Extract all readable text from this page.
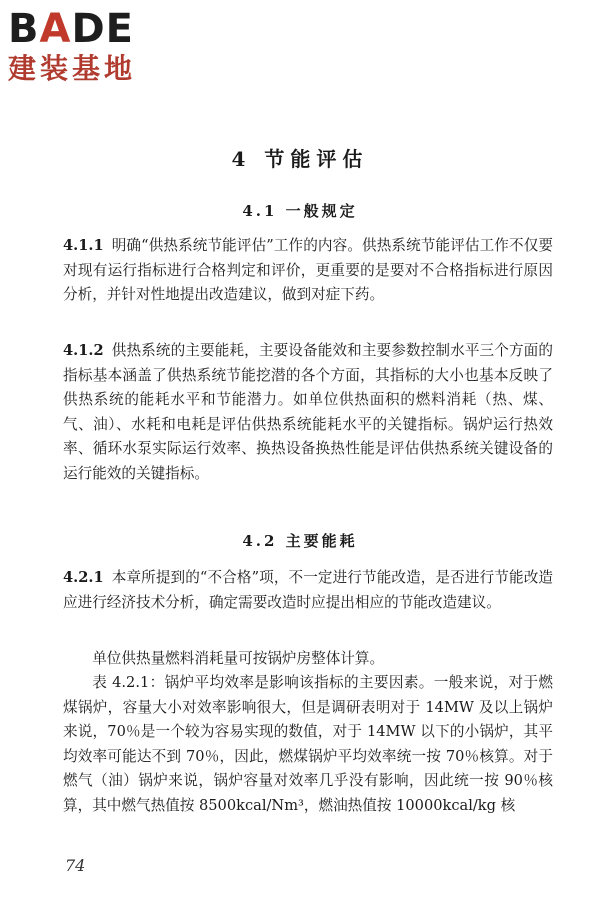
BADE
建装基地
4 节能评估
4.1 一般规定
4.1.1 明确“供热系统节能评估”工作的内容。供热系统节能评估工作不仅要对现有运行指标进行合格判定和评价，更重要的是要对不合格指标进行原因分析，并针对性地提出改造建议，做到对症下药。
4.1.2 供热系统的主要能耗，主要设备能效和主要参数控制水平三个方面的指标基本涵盖了供热系统节能挖潜的各个方面，其指标的大小也基本反映了供热系统的能耗水平和节能潜力。如单位供热面积的燃料消耗（热、煤、气、油）、水耗和电耗是评估供热系统能耗水平的关键指标。锅炉运行热效率、循环水泵实际运行效率、换热设备换热性能是评估供热系统关键设备的运行能效的关键指标。
4.2 主要能耗
4.2.1 本章所提到的“不合格”项，不一定进行节能改造，是否进行节能改造应进行经济技术分析，确定需要改造时应提出相应的节能改造建议。
单位供热量燃料消耗量可按锅炉房整体计算。
表 4.2.1：锅炉平均效率是影响该指标的主要因素。一般来说，对于燃煤锅炉，容量大小对效率影响很大，但是调研表明对于 14MW 及以上锅炉来说，70％是一个较为容易实现的数值，对于 14MW 以下的小锅炉，其平均效率可能达不到 70％，因此，燃煤锅炉平均效率统一按 70％核算。对于燃气（油）锅炉来说，锅炉容量对效率几乎没有影响，因此统一按 90％核算，其中燃气热值按 8500kcal/Nm³，燃油热值按 10000kcal/kg 核
74
